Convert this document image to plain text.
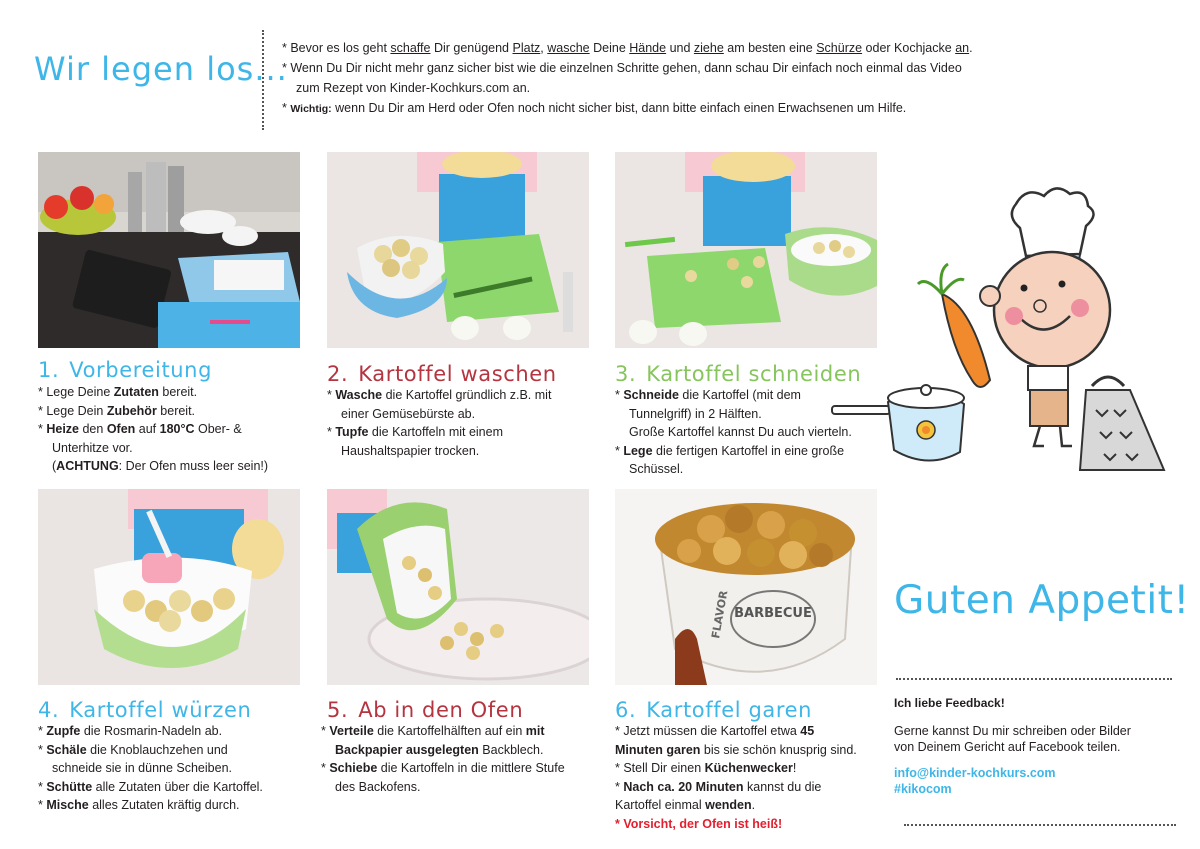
Wir legen los...

* Bevor es los geht schaffe Dir genügend Platz, wasche Deine Hände und ziehe am besten eine Schürze oder Kochjacke an.

* Wenn Du Dir nicht mehr ganz sicher bist wie die einzelnen Schritte gehen, dann schau Dir einfach noch einmal das Video

zum Rezept von Kinder-Kochkurs.com an.

* Wichtig: wenn Du Dir am Herd oder Ofen noch nicht sicher bist, dann bitte einfach einen Erwachsenen um Hilfe.

1. Vorbereitung

* Lege Deine Zutaten bereit.

* Lege Dein Zubehör bereit.

* Heize den Ofen auf 180°C Ober- &

Unterhitze vor.

(ACHTUNG: Der Ofen muss leer sein!)

2. Kartoffel waschen

* Wasche die Kartoffel gründlich z.B. mit

einer Gemüsebürste ab.

* Tupfe die Kartoffeln mit einem

Haushaltspapier trocken.

3. Kartoffel schneiden

* Schneide die Kartoffel (mit dem

Tunnelgriff) in 2 Hälften.

Große Kartoffel kannst Du auch vierteln.

* Lege die fertigen Kartoffel in eine große

Schüssel.

BARBECUE
FLAVOR
4. Kartoffel würzen

* Zupfe die Rosmarin-Nadeln ab.

* Schäle die Knoblauchzehen und

schneide sie in dünne Scheiben.

* Schütte alle Zutaten über die Kartoffel.

* Mische alles Zutaten kräftig durch.

5. Ab in den Ofen

* Verteile die Kartoffelhälften auf ein mit

Backpapier ausgelegten Backblech.

* Schiebe die Kartoffeln in die mittlere Stufe

des Backofens.

6. Kartoffel garen

* Jetzt müssen die Kartoffel etwa 45

Minuten garen bis sie schön knusprig sind.

* Stell Dir einen Küchenwecker!

* Nach ca. 20 Minuten kannst du die

Kartoffel einmal wenden.

* Vorsicht, der Ofen ist heiß!

Guten Appetit!
Ich liebe Feedback!
Gerne kannst Du mir schreiben oder Bilder
von Deinem Gericht auf Facebook teilen.
info@kinder-kochkurs.com
#kikocom
